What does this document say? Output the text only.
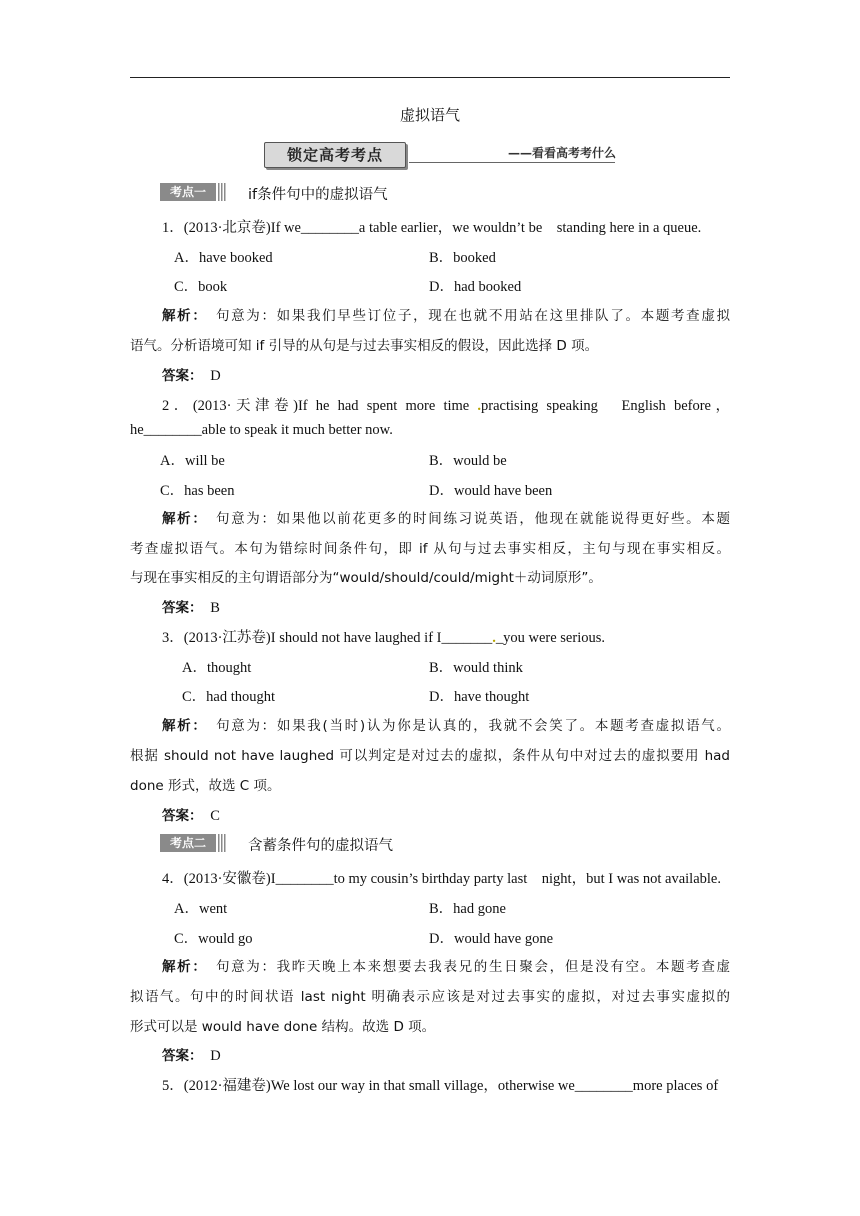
虚拟语气
锁定高考考点	——看看高考考什么
考点一	if条件句中的虚拟语气
1．(2013·北京卷)If we________a table earlier，we wouldn’t be　standing here in a queue.
A．have booked	B．booked
C．book	D．had booked
解析：　 句意为：如果我们早些订位子，现在也就不用站在这里排队了。本题考查虚拟
语气。分析语境可知 if 引导的从句是与过去事实相反的假设，因此选择 D 项。
答案：　 D
2．(2013·天津卷)If he had spent more time .practising speaking　English before，
he________able to speak it much better now.
A．will be	B．would be
C．has been	D．would have been
解析：　 句意为：如果他以前花更多的时间练习说英语，他现在就能说得更好些。本题
考查虚拟语气。本句为错综时间条件句，即 if 从句与过去事实相反，主句与现在事实相反。
与现在事实相反的主句谓语部分为“would/should/could/might＋动词原形”。
答案：　 B
3．(2013·江苏卷)I should not have laughed if I_______._you were serious.
A．thought	B．would think
C．had thought	D．have thought
解析：　 句意为：如果我(当时)认为你是认真的，我就不会笑了。本题考查虚拟语气。
根据 should not have laughed 可以判定是对过去的虚拟，条件从句中对过去的虚拟要用 had
done 形式，故选 C 项。
答案：　 C
考点二	含蓄条件句的虚拟语气
4．(2013·安徽卷)I________to my cousin’s birthday party last　night，but I was not available.
A．went	B．had gone
C．would go	D．would have gone
解析：　 句意为：我昨天晚上本来想要去我表兄的生日聚会，但是没有空。本题考查虚
拟语气。句中的时间状语 last night 明确表示应该是对过去事实的虚拟，对过去事实虚拟的
形式可以是 would have done 结构。故选 D 项。
答案：　 D
5．(2012·福建卷)We lost our way in that small village，otherwise we________more places of
